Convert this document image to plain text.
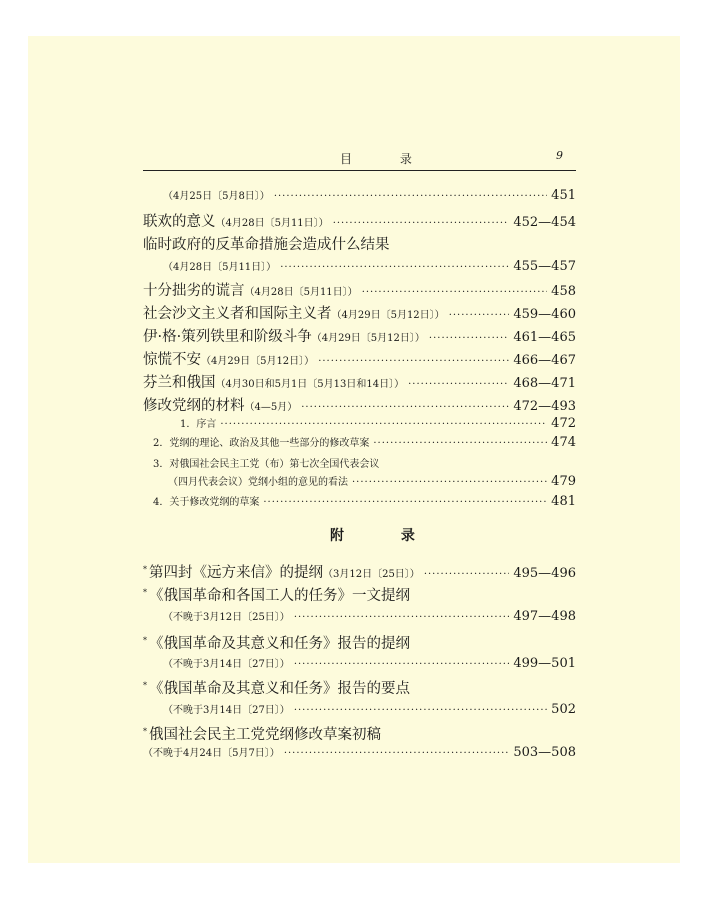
目 录	9
（4月25日〔5月8日〕） ·····	451
联欢的意义 （4月28日〔5月11日〕） ·····	452—454
临时政府的反革命措施会造成什么结果
（4月28日〔5月11日〕） ·····	455—457
十分拙劣的谎言 （4月28日〔5月11日〕） ·····	458
社会沙文主义者和国际主义者 （4月29日〔5月12日〕） ·····	459—460
伊·格·策列铁里和阶级斗争 （4月29日〔5月12日〕） ·····	461—465
惊慌不安 （4月29日〔5月12日〕） ·····	466—467
芬兰和俄国 （4月30日和5月1日〔5月13日和14日〕） ·····	468—471
修改党纲的材料 （4—5月） ·····	472—493
1．序言 ·····	472
2．党纲的理论、政治及其他一些部分的修改草案 ·····	474
3．对俄国社会民主工党（布）第七次全国代表会议
（四月代表会议）党纲小组的意见的看法 ·····	479
4．关于修改党纲的草案 ·····	481
附 录
* 第四封《远方来信》的提纲 （3月12日〔25日〕） ·····	495—496
* 《俄国革命和各国工人的任务》一文提纲
（不晚于3月12日〔25日〕） ·····	497—498
* 《俄国革命及其意义和任务》报告的提纲
（不晚于3月14日〔27日〕） ·····	499—501
* 《俄国革命及其意义和任务》报告的要点
（不晚于3月14日〔27日〕） ·····	502
* 俄国社会民主工党党纲修改草案初稿
（不晚于4月24日〔5月7日〕） ·····	503—508
